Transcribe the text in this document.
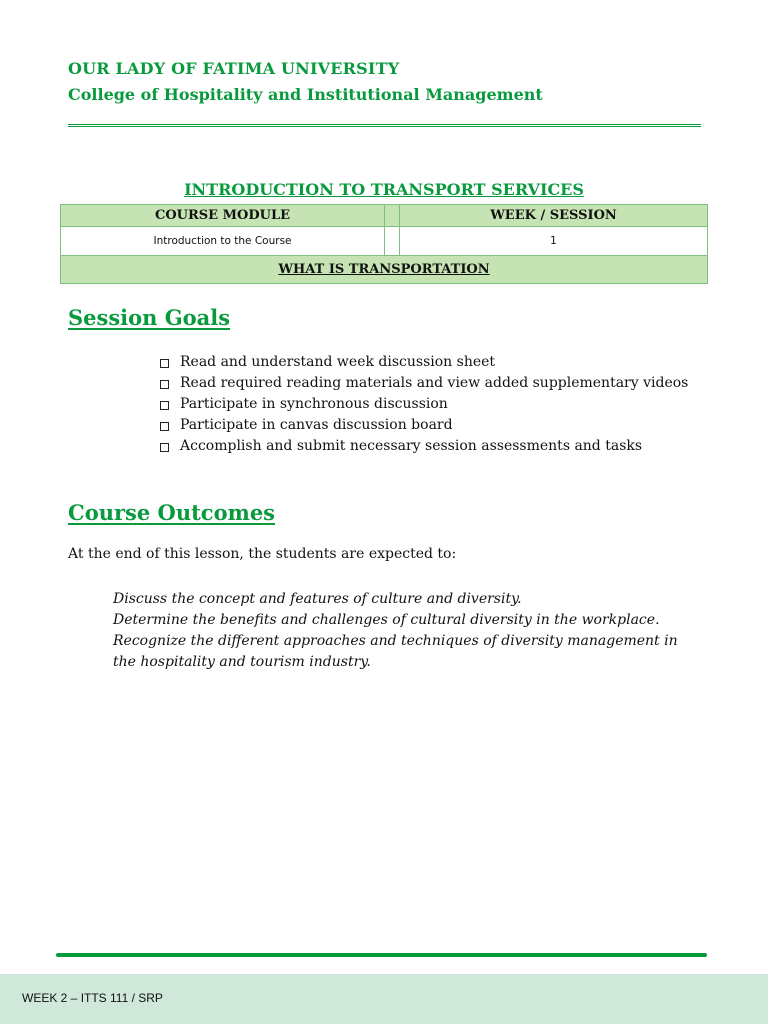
OUR LADY OF FATIMA UNIVERSITY
College of Hospitality and Institutional Management
INTRODUCTION TO TRANSPORT SERVICES
COURSE MODULE		WEEK / SESSION
Introduction to the Course		1
WHAT IS TRANSPORTATION		
Session Goals
Read and understand week discussion sheet
Read required reading materials and view added supplementary videos
Participate in synchronous discussion
Participate in canvas discussion board
Accomplish and submit necessary session assessments and tasks
Course Outcomes
At the end of this lesson, the students are expected to:
Discuss the concept and features of culture and diversity.
Determine the benefits and challenges of cultural diversity in the workplace.
Recognize the different approaches and techniques of diversity management in the hospitality and tourism industry.
WEEK 2 – ITTS 111 / SRP
